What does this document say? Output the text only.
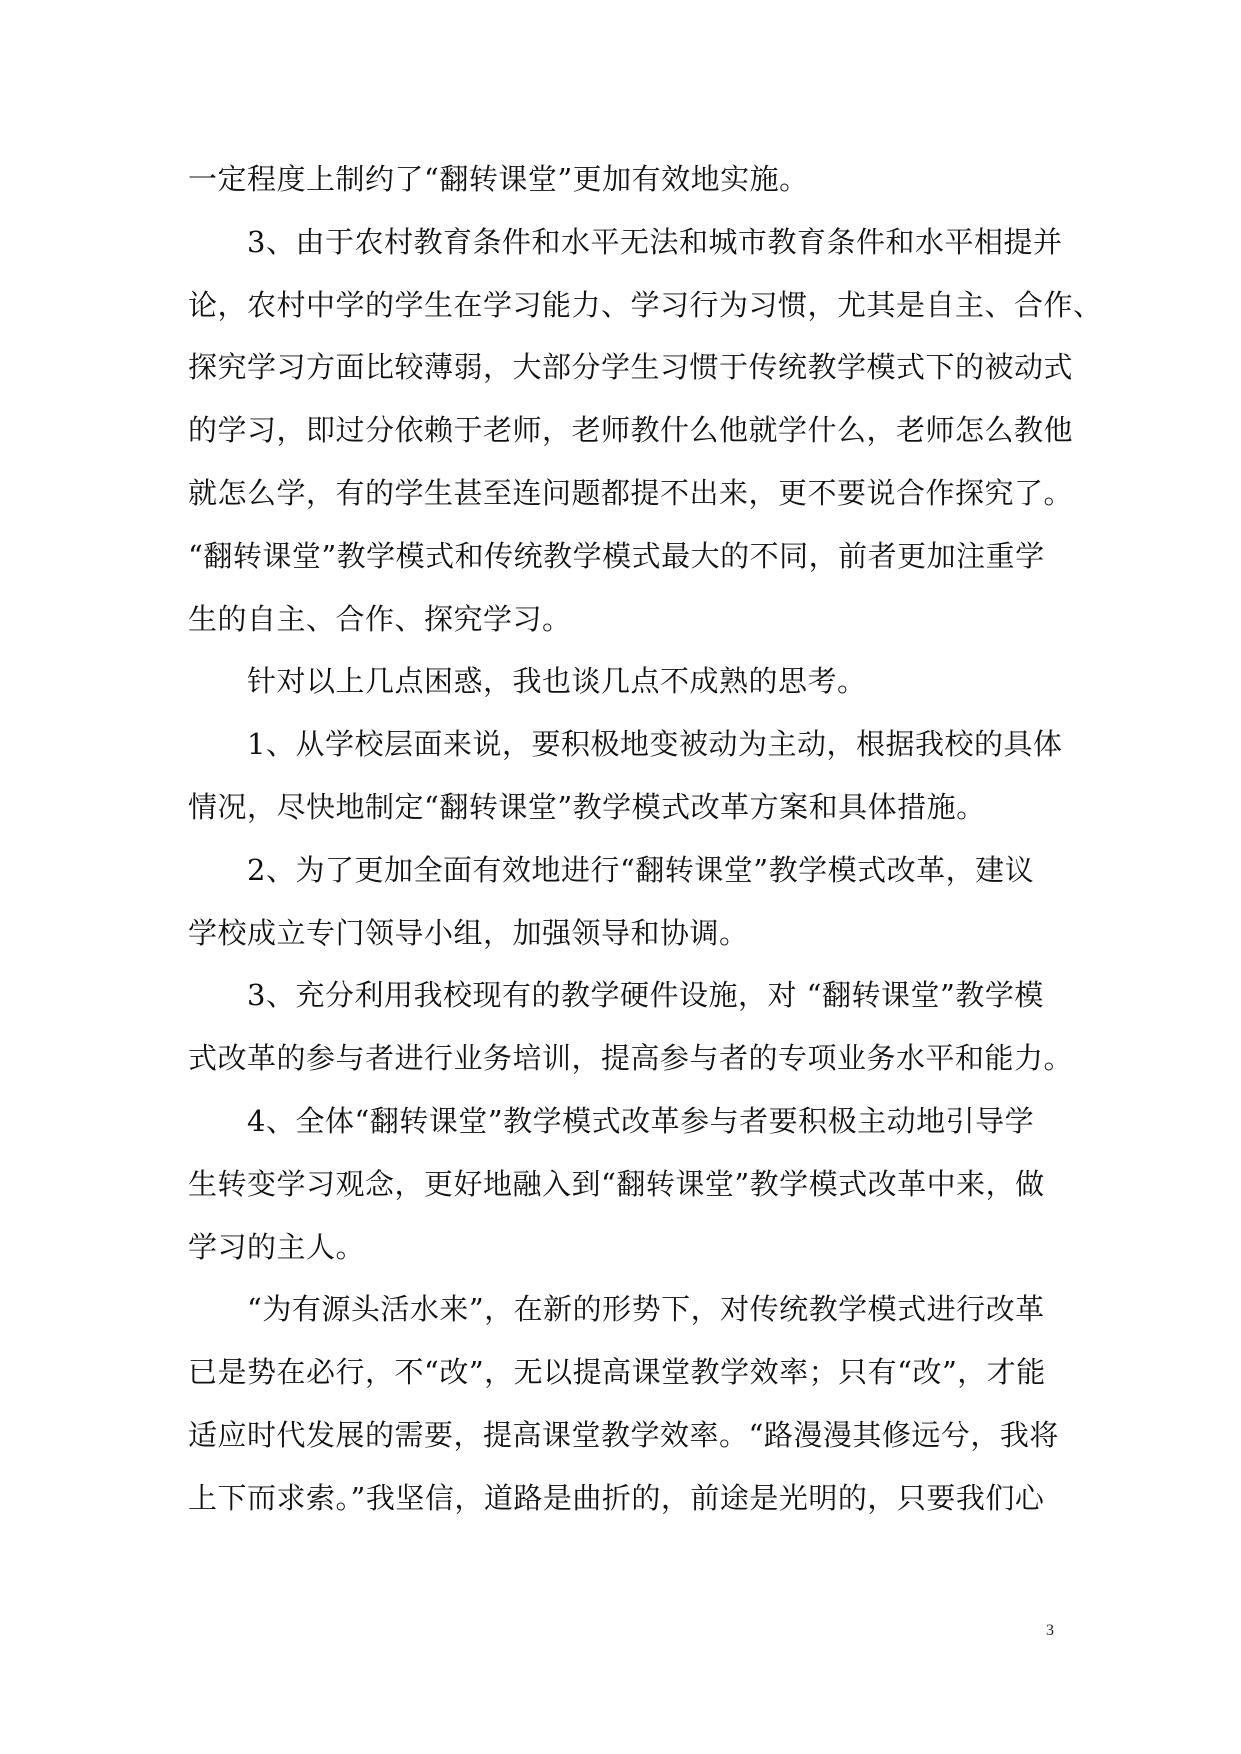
一定程度上制约了“翻转课堂”更加有效地实施。
　　3、由于农村教育条件和水平无法和城市教育条件和水平相提并
论，农村中学的学生在学习能力、学习行为习惯，尤其是自主、合作、
探究学习方面比较薄弱，大部分学生习惯于传统教学模式下的被动式
的学习，即过分依赖于老师，老师教什么他就学什么，老师怎么教他
就怎么学，有的学生甚至连问题都提不出来，更不要说合作探究了。
“翻转课堂”教学模式和传统教学模式最大的不同，前者更加注重学
生的自主、合作、探究学习。
　　针对以上几点困惑，我也谈几点不成熟的思考。
　　1、从学校层面来说，要积极地变被动为主动，根据我校的具体
情况，尽快地制定“翻转课堂”教学模式改革方案和具体措施。
　　2、为了更加全面有效地进行“翻转课堂”教学模式改革，建议
学校成立专门领导小组，加强领导和协调。
　　3、充分利用我校现有的教学硬件设施，对 “翻转课堂”教学模
式改革的参与者进行业务培训，提高参与者的专项业务水平和能力。
　　4、全体“翻转课堂”教学模式改革参与者要积极主动地引导学
生转变学习观念，更好地融入到“翻转课堂”教学模式改革中来，做
学习的主人。
　　“为有源头活水来”，在新的形势下，对传统教学模式进行改革
已是势在必行，不“改”，无以提高课堂教学效率；只有“改”，才能
适应时代发展的需要，提高课堂教学效率。“路漫漫其修远兮，我将
上下而求索。”我坚信，道路是曲折的，前途是光明的，只要我们心
3
